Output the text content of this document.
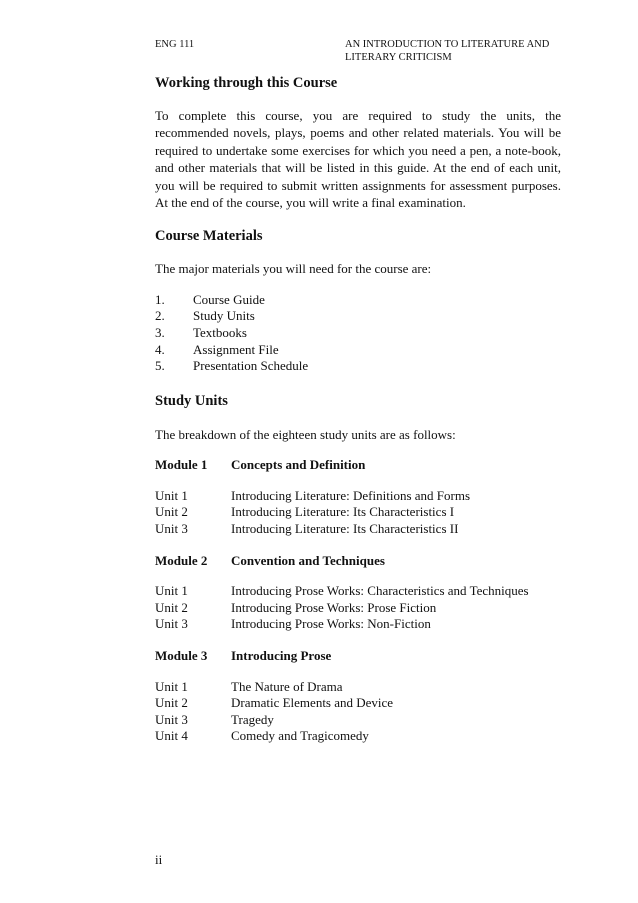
ENG 111	AN INTRODUCTION TO LITERATURE AND
LITERARY CRITICISM
Working through this Course

To complete this course, you are required to study the units, the recommended novels, plays, poems and other related materials. You will be required to undertake some exercises for which you need a pen, a note-book, and other materials that will be listed in this guide. At the end of each unit, you will be required to submit written assignments for assessment purposes. At the end of the course, you will write a final examination.

Course Materials

The major materials you will need for the course are:

1.	Course Guide
2.	Study Units
3.	Textbooks
4.	Assignment File
5.	Presentation Schedule
Study Units

The breakdown of the eighteen study units are as follows:

Module 1	Concepts and Definition
Unit 1	Introducing Literature: Definitions and Forms
Unit 2	Introducing Literature: Its Characteristics I
Unit 3	Introducing Literature: Its Characteristics II
Module 2	Convention and Techniques
Unit 1	Introducing Prose Works: Characteristics and Techniques
Unit 2	Introducing Prose Works: Prose Fiction
Unit 3	Introducing Prose Works: Non-Fiction
Module 3	Introducing Prose
Unit 1	The Nature of Drama
Unit 2	Dramatic Elements and Device
Unit 3	Tragedy
Unit 4	Comedy and Tragicomedy
ii
